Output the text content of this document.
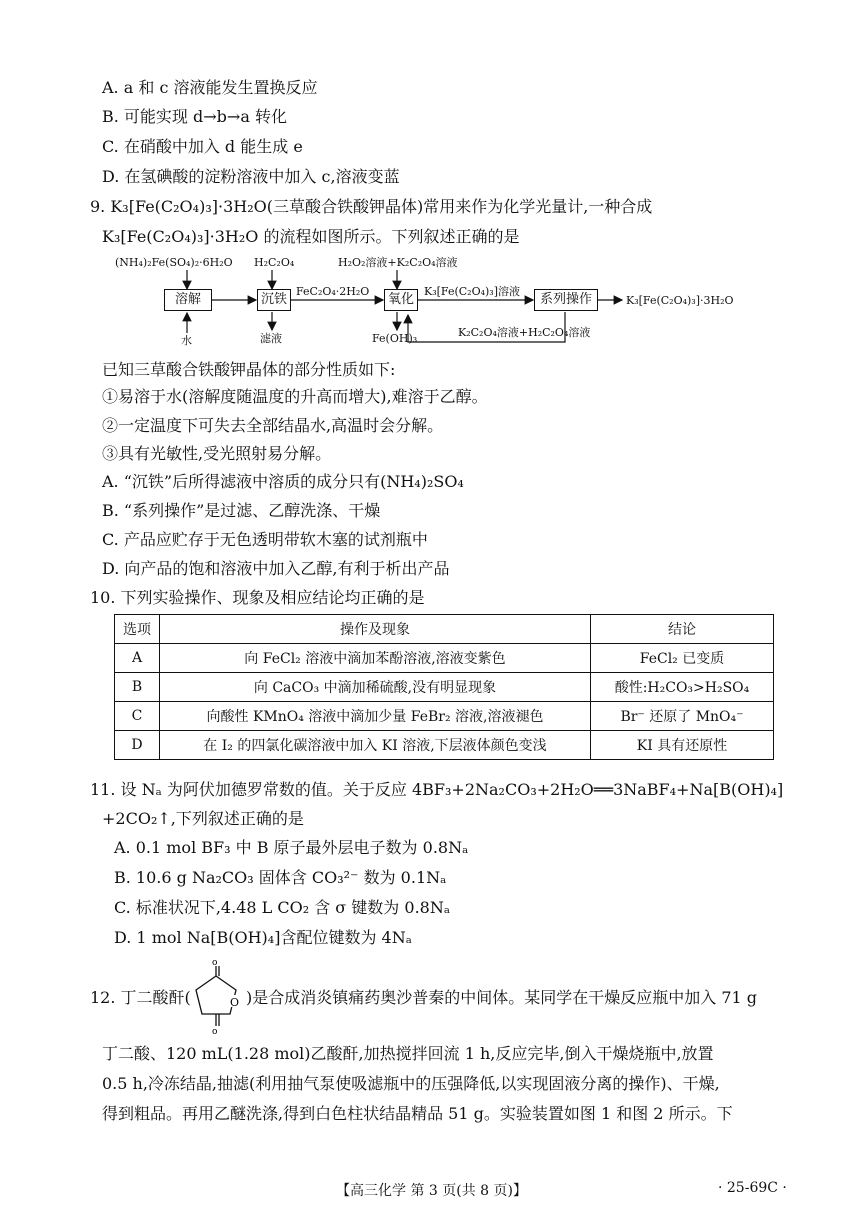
A. a 和 c 溶液能发生置换反应
B. 可能实现 d→b→a 转化
C. 在硝酸中加入 d 能生成 e
D. 在氢碘酸的淀粉溶液中加入 c,溶液变蓝
9. K₃[Fe(C₂O₄)₃]·3H₂O(三草酸合铁酸钾晶体)常用来作为化学光量计,一种合成
K₃[Fe(C₂O₄)₃]·3H₂O 的流程如图所示。下列叙述正确的是
(NH₄)₂Fe(SO₄)₂·6H₂O H₂C₂O₄	H₂O₂溶液+K₂C₂O₄溶液
溶解	沉铁	氧化	系列操作
FeC₂O₄·2H₂O	K₃[Fe(C₂O₄)₃]溶液
K₃[Fe(C₂O₄)₃]·3H₂O
水	滤液	Fe(OH)₃	K₂C₂O₄溶液+H₂C₂O₄溶液
已知三草酸合铁酸钾晶体的部分性质如下:
①易溶于水(溶解度随温度的升高而增大),难溶于乙醇。
②一定温度下可失去全部结晶水,高温时会分解。
③具有光敏性,受光照射易分解。
A. “沉铁”后所得滤液中溶质的成分只有(NH₄)₂SO₄
B. “系列操作”是过滤、乙醇洗涤、干燥
C. 产品应贮存于无色透明带软木塞的试剂瓶中
D. 向产品的饱和溶液中加入乙醇,有利于析出产品
10. 下列实验操作、现象及相应结论均正确的是
选项	操作及现象	结论
A	向 FeCl₂ 溶液中滴加苯酚溶液,溶液变紫色	FeCl₂ 已变质
B	向 CaCO₃ 中滴加稀硫酸,没有明显现象	酸性:H₂CO₃>H₂SO₄
C	向酸性 KMnO₄ 溶液中滴加少量 FeBr₂ 溶液,溶液褪色	Br⁻ 还原了 MnO₄⁻
D	在 I₂ 的四氯化碳溶液中加入 KI 溶液,下层液体颜色变浅	KI 具有还原性
11. 设 Nₐ 为阿伏加德罗常数的值。关于反应 4BF₃+2Na₂CO₃+2H₂O══3NaBF₄+Na[B(OH)₄]
+2CO₂↑,下列叙述正确的是
A. 0.1 mol BF₃ 中 B 原子最外层电子数为 0.8Nₐ
B. 10.6 g Na₂CO₃ 固体含 CO₃²⁻ 数为 0.1Nₐ
C. 标准状况下,4.48 L CO₂ 含 σ 键数为 0.8Nₐ
D. 1 mol Na[B(OH)₄]含配位键数为 4Nₐ
12. 丁二酸酐(	O
o
o
)是合成消炎镇痛药奥沙普秦的中间体。某同学在干燥反应瓶中加入 71 g
丁二酸、120 mL(1.28 mol)乙酸酐,加热搅拌回流 1 h,反应完毕,倒入干燥烧瓶中,放置
0.5 h,冷冻结晶,抽滤(利用抽气泵使吸滤瓶中的压强降低,以实现固液分离的操作)、干燥,
得到粗品。再用乙醚洗涤,得到白色柱状结晶精品 51 g。实验装置如图 1 和图 2 所示。下
【高三化学 第 3 页(共 8 页)】	· 25-69C ·
